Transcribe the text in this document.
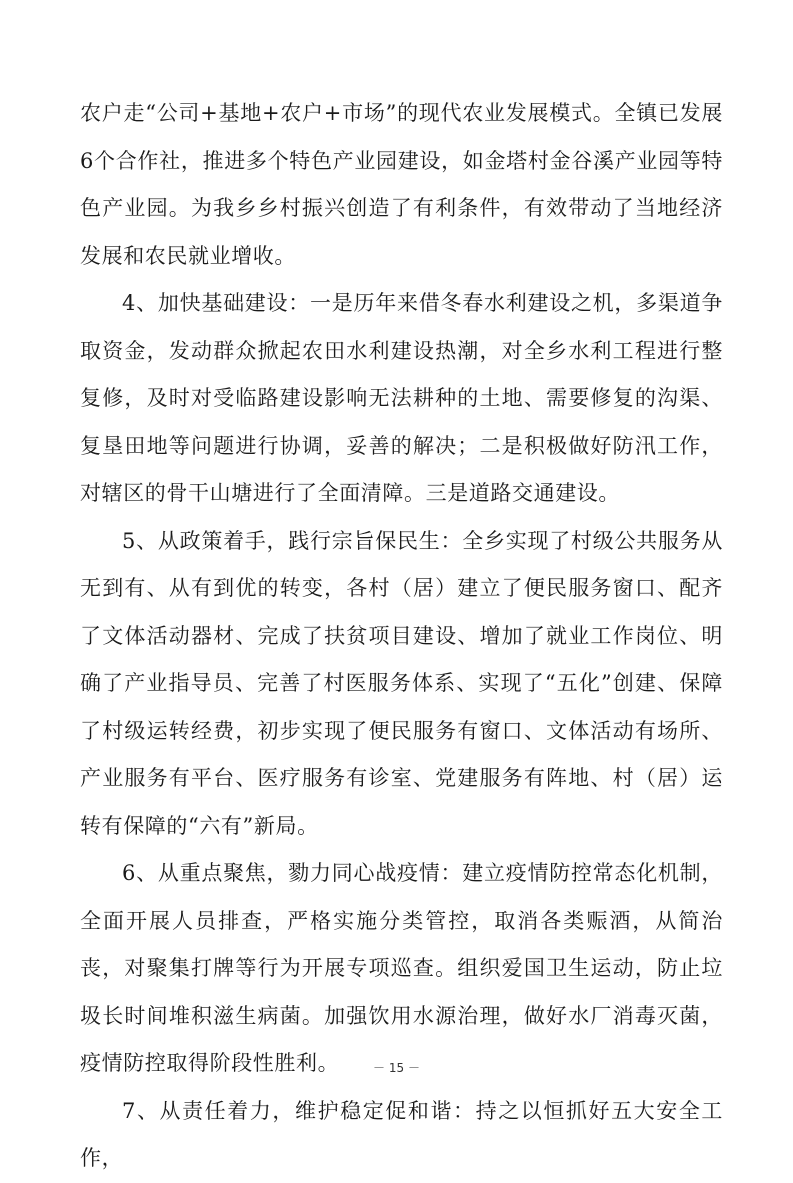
农户走“公司+基地+农户+市场”的现代农业发展模式。全镇已发展6个合作社，推进多个特色产业园建设，如金塔村金谷溪产业园等特色产业园。为我乡乡村振兴创造了有利条件，有效带动了当地经济发展和农民就业增收。

4、加快基础建设：一是历年来借冬春水利建设之机，多渠道争取资金，发动群众掀起农田水利建设热潮，对全乡水利工程进行整复修，及时对受临路建设影响无法耕种的土地、需要修复的沟渠、复垦田地等问题进行协调，妥善的解决；二是积极做好防汛工作，对辖区的骨干山塘进行了全面清障。三是道路交通建设。

5、从政策着手，践行宗旨保民生：全乡实现了村级公共服务从无到有、从有到优的转变，各村（居）建立了便民服务窗口、配齐了文体活动器材、完成了扶贫项目建设、增加了就业工作岗位、明确了产业指导员、完善了村医服务体系、实现了“五化”创建、保障了村级运转经费，初步实现了便民服务有窗口、文体活动有场所、产业服务有平台、医疗服务有诊室、党建服务有阵地、村（居）运转有保障的“六有”新局。

6、从重点聚焦，勠力同心战疫情：建立疫情防控常态化机制，全面开展人员排查，严格实施分类管控，取消各类赈酒，从简治丧，对聚集打牌等行为开展专项巡查。组织爱国卫生运动，防止垃圾长时间堆积滋生病菌。加强饮用水源治理，做好水厂消毒灭菌，疫情防控取得阶段性胜利。

7、从责任着力，维护稳定促和谐：持之以恒抓好五大安全工作，

－ 15 －
